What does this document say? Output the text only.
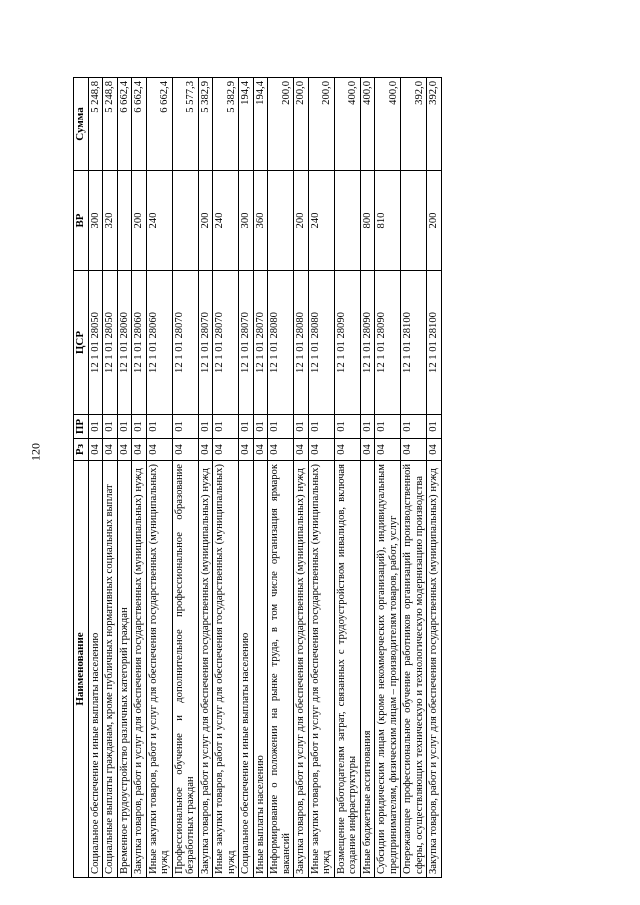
120
Наименование	Рз	ПР	ЦСР	ВР	Сумма
Социальное обеспечение и иные выплаты населению	04	01	12 1 01 28050	300	5 248,8
Социальные выплаты гражданам, кроме публичных нормативных социальных выплат	04	01	12 1 01 28050	320	5 248,8
Временное трудоустройство различных категорий граждан	04	01	12 1 01 28060		6 662,4
Закупка товаров, работ и услуг для обеспечения государственных (муниципальных) нужд	04	01	12 1 01 28060	200	6 662,4
Иные закупки товаров, работ и услуг для обеспечения государственных (муниципальных) нужд	04	01	12 1 01 28060	240	6 662,4
Профессиональное обучение и дополнительное профессиональное образование безработных граждан	04	01	12 1 01 28070		5 577,3
Закупка товаров, работ и услуг для обеспечения государственных (муниципальных) нужд	04	01	12 1 01 28070	200	5 382,9
Иные закупки товаров, работ и услуг для обеспечения государственных (муниципальных) нужд	04	01	12 1 01 28070	240	5 382,9
Социальное обеспечение и иные выплаты населению	04	01	12 1 01 28070	300	194,4
Иные выплаты населению	04	01	12 1 01 28070	360	194,4
Информирование о положении на рынке труда, в том числе организация ярмарок вакансий	04	01	12 1 01 28080		200,0
Закупка товаров, работ и услуг для обеспечения государственных (муниципальных) нужд	04	01	12 1 01 28080	200	200,0
Иные закупки товаров, работ и услуг для обеспечения государственных (муниципальных) нужд	04	01	12 1 01 28080	240	200,0
Возмещение работодателям затрат, связанных с трудоустройством инвалидов, включая создание инфраструктуры	04	01	12 1 01 28090		400,0
Иные бюджетные ассигнования	04	01	12 1 01 28090	800	400,0
Субсидии юридическим лицам (кроме некоммерческих организаций), индивидуальным предпринимателям, физическим лицам – производителям товаров, работ, услуг	04	01	12 1 01 28090	810	400,0
Опережающее профессиональное обучение работников организаций производственной сферы, осуществляющих техническую и технологическую модернизацию производства	04	01	12 1 01 28100		392,0
Закупка товаров, работ и услуг для обеспечения государственных (муниципальных) нужд	04	01	12 1 01 28100	200	392,0
